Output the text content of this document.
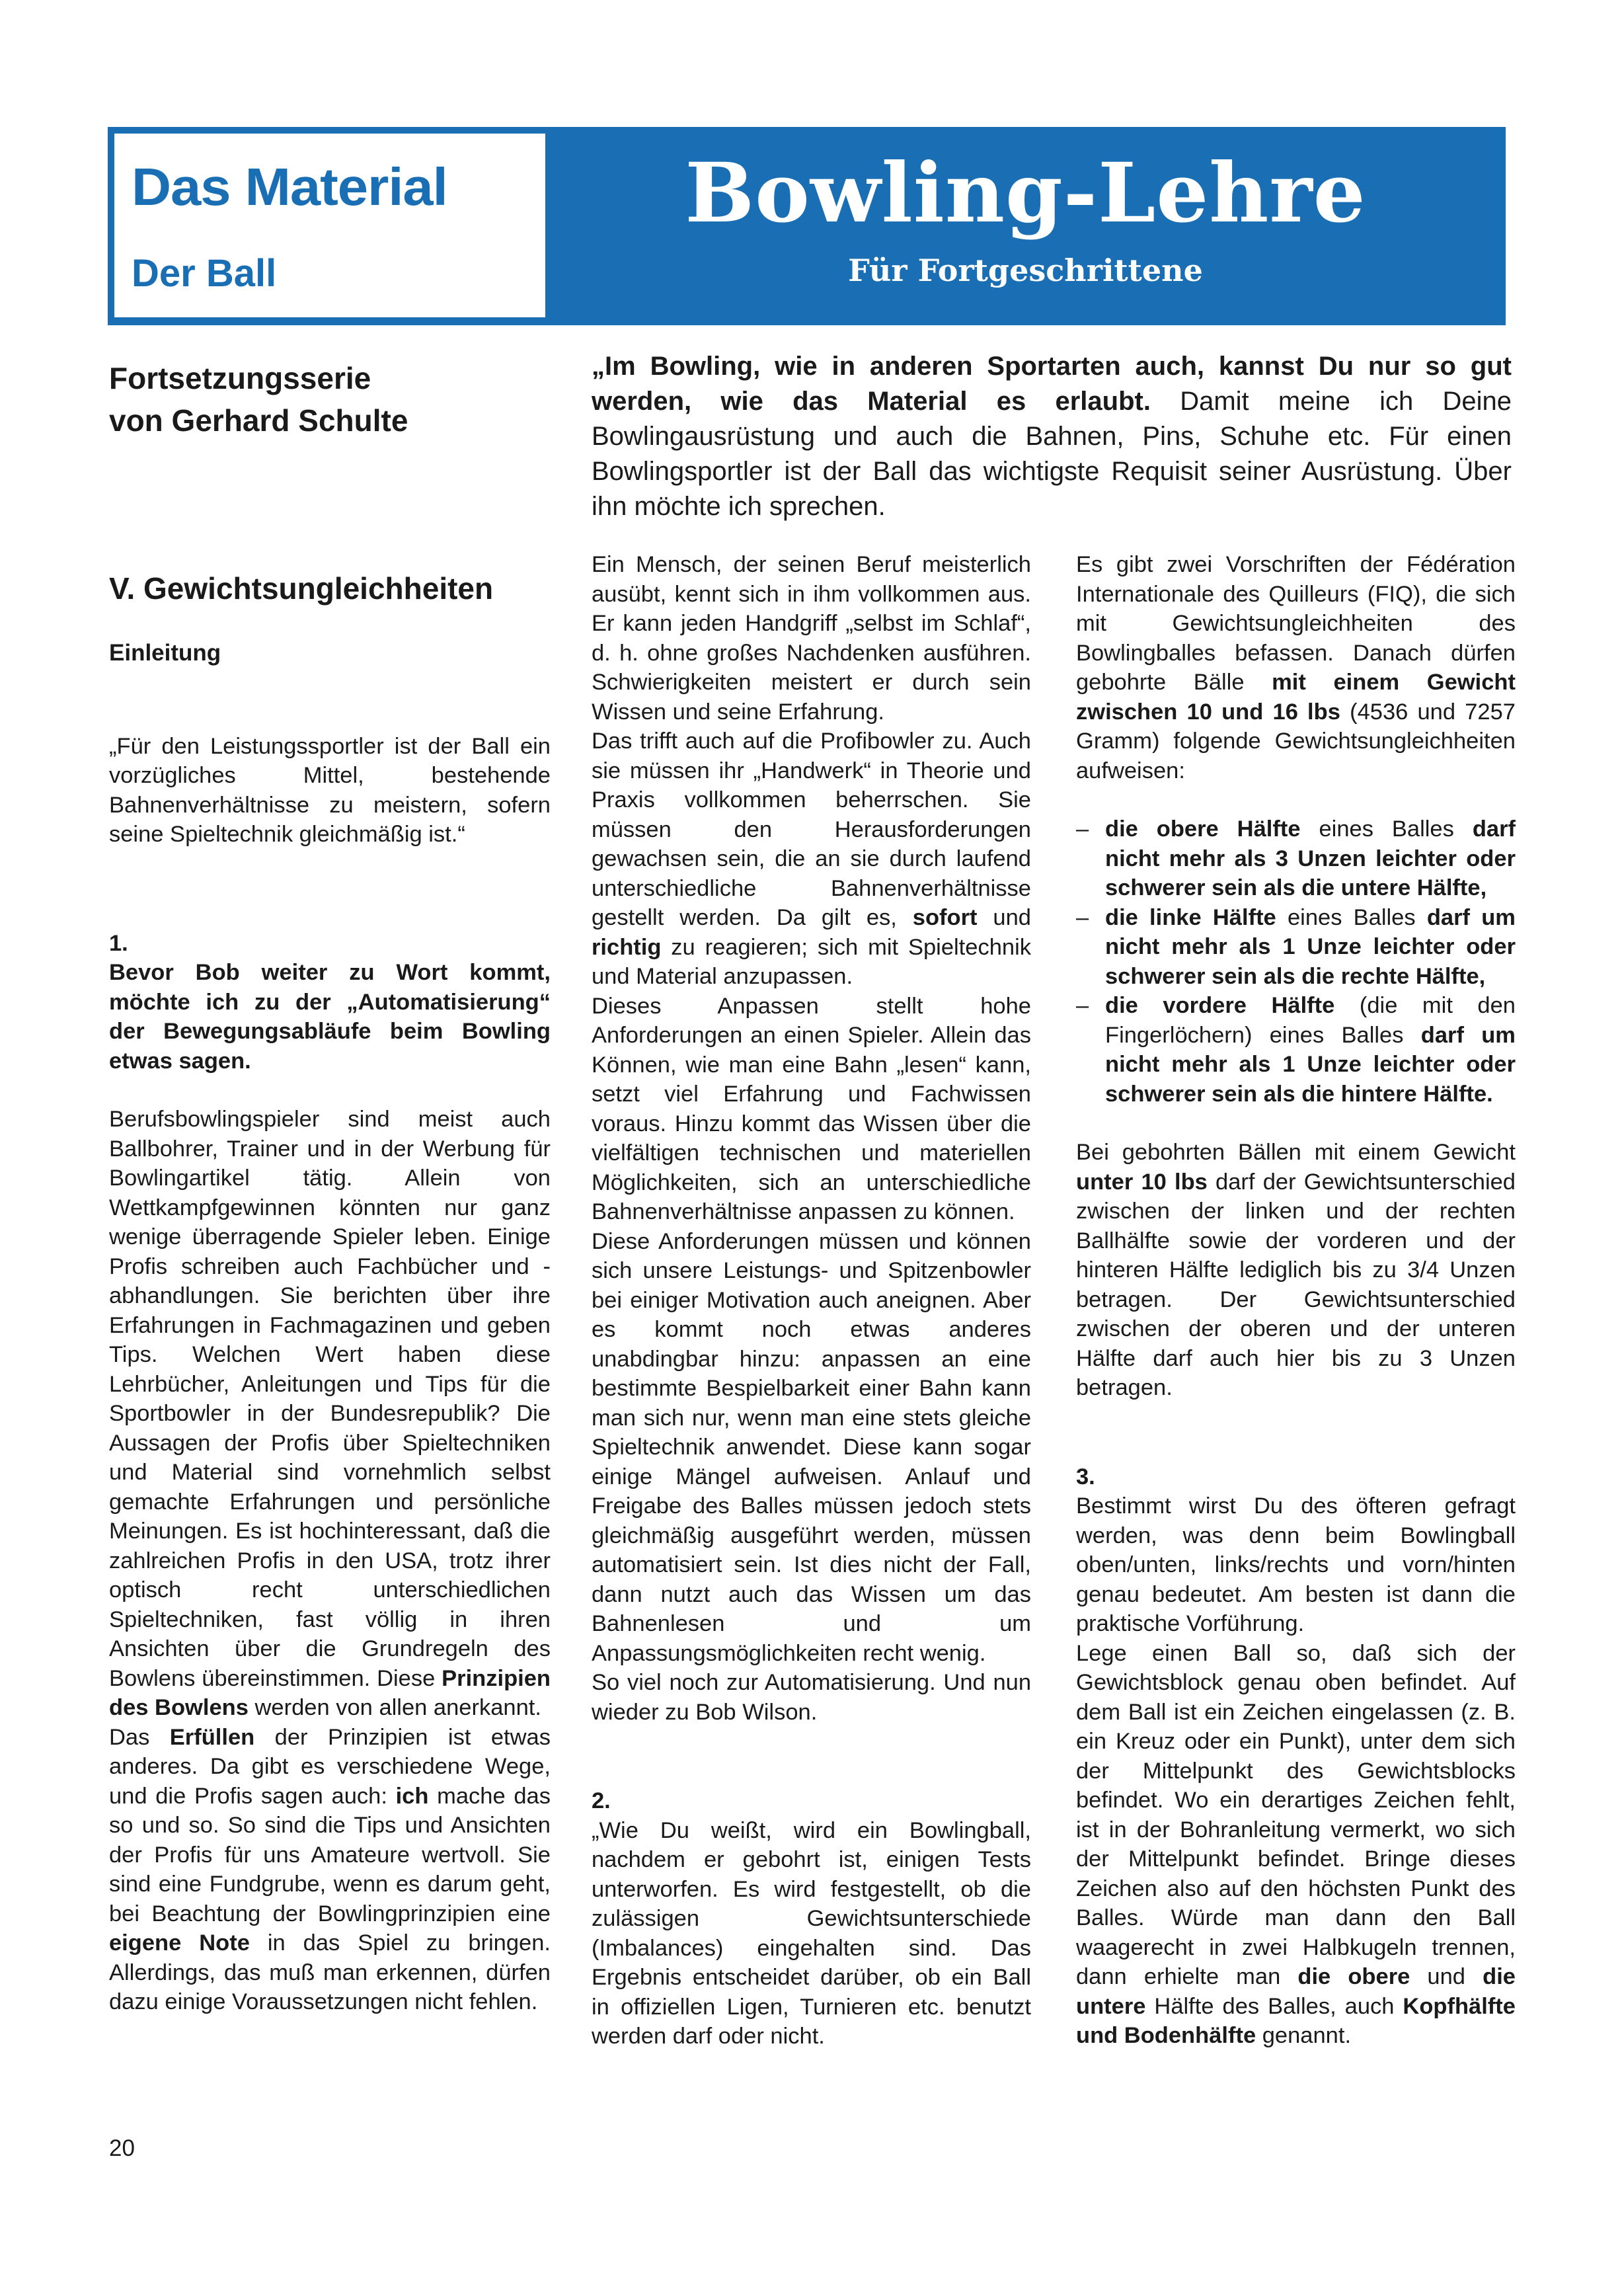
Das Material
Der Ball
Bowling-Lehre
Für Fortgeschrittene
Fortsetzungsserie
von Gerhard Schulte
„Im Bowling, wie in anderen Sportarten auch, kannst Du nur so gut werden, wie das Material es erlaubt. Damit meine ich Deine Bowlingausrüstung und auch die Bahnen, Pins, Schuhe etc. Für einen Bowlingsportler ist der Ball das wichtigste Requisit seiner Ausrüstung. Über ihn möchte ich sprechen.
V. Gewichtsungleichheiten
Einleitung

„Für den Leistungssportler ist der Ball ein vorzügliches Mittel, bestehende Bahnenverhältnisse zu meistern, sofern seine Spieltechnik gleichmäßig ist.“

1.

Bevor Bob weiter zu Wort kommt, möchte ich zu der „Automatisierung“ der Bewegungsabläufe beim Bowling etwas sagen.

Berufsbowlingspieler sind meist auch Ballbohrer, Trainer und in der Werbung für Bowlingartikel tätig. Allein von Wettkampfgewinnen könnten nur ganz wenige überragende Spieler leben. Einige Profis schreiben auch Fachbücher und -abhandlungen. Sie berichten über ihre Erfahrungen in Fachmagazinen und geben Tips. Welchen Wert haben diese Lehrbücher, Anleitungen und Tips für die Sportbowler in der Bundesrepublik? Die Aussagen der Profis über Spieltechniken und Material sind vornehmlich selbst gemachte Erfahrungen und persönliche Meinungen. Es ist hochinteressant, daß die zahlreichen Profis in den USA, trotz ihrer optisch recht unterschiedlichen Spieltechniken, fast völlig in ihren Ansichten über die Grundregeln des Bowlens übereinstimmen. Diese Prinzipien des Bowlens werden von allen anerkannt.

Das Erfüllen der Prinzipien ist etwas anderes. Da gibt es verschiedene Wege, und die Profis sagen auch: ich mache das so und so. So sind die Tips und Ansichten der Profis für uns Amateure wertvoll. Sie sind eine Fundgrube, wenn es darum geht, bei Beachtung der Bowlingprinzipien eine eigene Note in das Spiel zu bringen. Allerdings, das muß man erkennen, dürfen dazu einige Voraussetzungen nicht fehlen.

Ein Mensch, der seinen Beruf meisterlich ausübt, kennt sich in ihm vollkommen aus. Er kann jeden Handgriff „selbst im Schlaf“, d. h. ohne großes Nachdenken ausführen. Schwierigkeiten meistert er durch sein Wissen und seine Erfahrung.

Das trifft auch auf die Profibowler zu. Auch sie müssen ihr „Handwerk“ in Theorie und Praxis vollkommen beherrschen. Sie müssen den Herausforderungen gewachsen sein, die an sie durch laufend unterschiedliche Bahnenverhältnisse gestellt werden. Da gilt es, sofort und richtig zu reagieren; sich mit Spieltechnik und Material anzupassen.

Dieses Anpassen stellt hohe Anforderungen an einen Spieler. Allein das Können, wie man eine Bahn „lesen“ kann, setzt viel Erfahrung und Fachwissen voraus. Hinzu kommt das Wissen über die vielfältigen technischen und materiellen Möglichkeiten, sich an unterschiedliche Bahnenverhältnisse anpassen zu können.

Diese Anforderungen müssen und können sich unsere Leistungs- und Spitzenbowler bei einiger Motivation auch aneignen. Aber es kommt noch etwas anderes unabdingbar hinzu: anpassen an eine bestimmte Bespielbarkeit einer Bahn kann man sich nur, wenn man eine stets gleiche Spieltechnik anwendet. Diese kann sogar einige Mängel aufweisen. Anlauf und Freigabe des Balles müssen jedoch stets gleichmäßig ausgeführt werden, müssen automatisiert sein. Ist dies nicht der Fall, dann nutzt auch das Wissen um das Bahnenlesen und um Anpassungsmöglichkeiten recht wenig.

So viel noch zur Automatisierung. Und nun wieder zu Bob Wilson.

2.

„Wie Du weißt, wird ein Bowlingball, nachdem er gebohrt ist, einigen Tests unterworfen. Es wird festgestellt, ob die zulässigen Gewichtsunterschiede (Imbalances) eingehalten sind. Das Ergebnis entscheidet darüber, ob ein Ball in offiziellen Ligen, Turnieren etc. benutzt werden darf oder nicht.

Es gibt zwei Vorschriften der Fédération Internationale des Quilleurs (FIQ), die sich mit Gewichtsungleichheiten des Bowlingballes befassen. Danach dürfen gebohrte Bälle mit einem Gewicht zwischen 10 und 16 lbs (4536 und 7257 Gramm) folgende Gewichtsungleichheiten aufweisen:

– die obere Hälfte eines Balles darf nicht mehr als 3 Unzen leichter oder schwerer sein als die untere Hälfte,
– die linke Hälfte eines Balles darf um nicht mehr als 1 Unze leichter oder schwerer sein als die rechte Hälfte,
– die vordere Hälfte (die mit den Fingerlöchern) eines Balles darf um nicht mehr als 1 Unze leichter oder schwerer sein als die hintere Hälfte.

Bei gebohrten Bällen mit einem Gewicht unter 10 lbs darf der Gewichtsunterschied zwischen der linken und der rechten Ballhälfte sowie der vorderen und der hinteren Hälfte lediglich bis zu 3/4 Unzen betragen. Der Gewichtsunterschied zwischen der oberen und der unteren Hälfte darf auch hier bis zu 3 Unzen betragen.

3.

Bestimmt wirst Du des öfteren gefragt werden, was denn beim Bowlingball oben/unten, links/rechts und vorn/hinten genau bedeutet. Am besten ist dann die praktische Vorführung.

Lege einen Ball so, daß sich der Gewichtsblock genau oben befindet. Auf dem Ball ist ein Zeichen eingelassen (z. B. ein Kreuz oder ein Punkt), unter dem sich der Mittelpunkt des Gewichtsblocks befindet. Wo ein derartiges Zeichen fehlt, ist in der Bohranleitung vermerkt, wo sich der Mittelpunkt befindet. Bringe dieses Zeichen also auf den höchsten Punkt des Balles. Würde man dann den Ball waagerecht in zwei Halbkugeln trennen, dann erhielte man die obere und die untere Hälfte des Balles, auch Kopfhälfte und Bodenhälfte genannt.

20
